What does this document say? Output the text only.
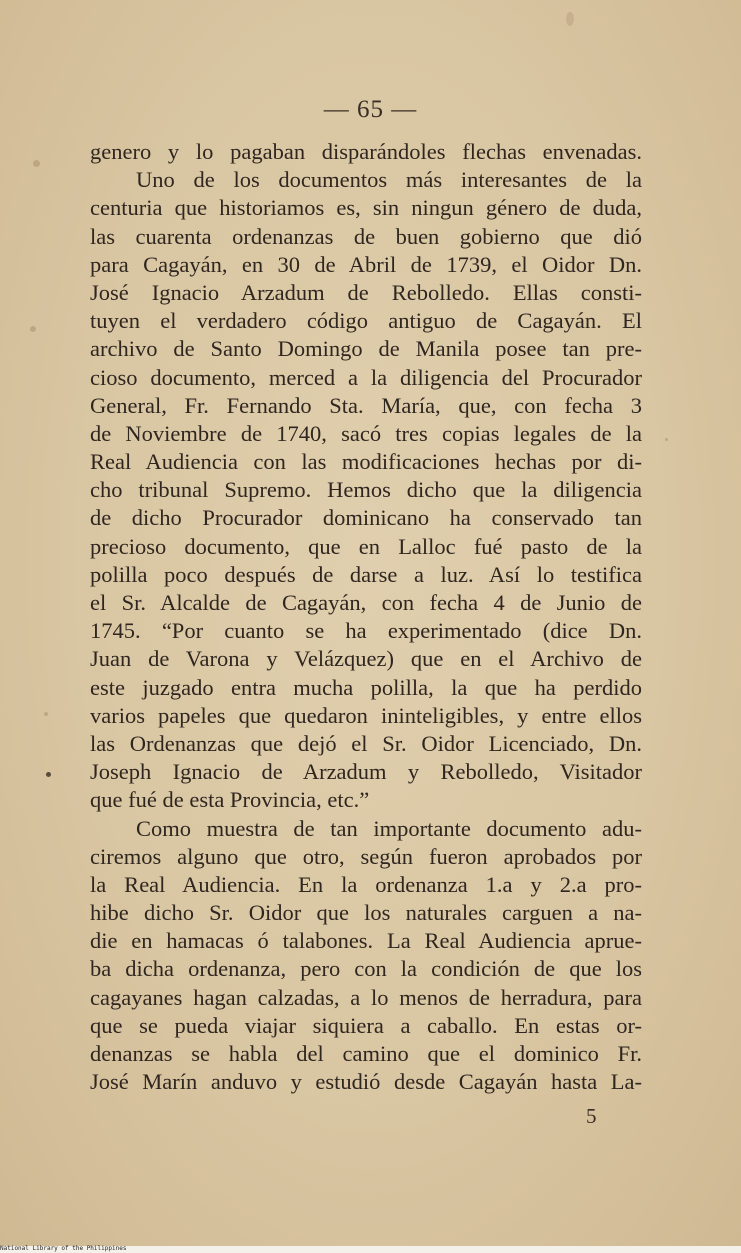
— 65 —
genero y lo pagaban disparándoles flechas envenadas.
Uno de los documentos más interesantes de la
centuria que historiamos es, sin ningun género de duda,
las cuarenta ordenanzas de buen gobierno que dió
para Cagayán, en 30 de Abril de 1739, el Oidor Dn.
José Ignacio Arzadum de Rebolledo. Ellas consti-
tuyen el verdadero código antiguo de Cagayán. El
archivo de Santo Domingo de Manila posee tan pre-
cioso documento, merced a la diligencia del Procurador
General, Fr. Fernando Sta. María, que, con fecha 3
de Noviembre de 1740, sacó tres copias legales de la
Real Audiencia con las modificaciones hechas por di-
cho tribunal Supremo. Hemos dicho que la diligencia
de dicho Procurador dominicano ha conservado tan
precioso documento, que en Lalloc fué pasto de la
polilla poco después de darse a luz. Así lo testifica
el Sr. Alcalde de Cagayán, con fecha 4 de Junio de
1745. “Por cuanto se ha experimentado (dice Dn.
Juan de Varona y Velázquez) que en el Archivo de
este juzgado entra mucha polilla, la que ha perdido
varios papeles que quedaron ininteligibles, y entre ellos
las Ordenanzas que dejó el Sr. Oidor Licenciado, Dn.
Joseph Ignacio de Arzadum y Rebolledo, Visitador
que fué de esta Provincia, etc.”
Como muestra de tan importante documento adu-
ciremos alguno que otro, según fueron aprobados por
la Real Audiencia. En la ordenanza 1.a y 2.a pro-
hibe dicho Sr. Oidor que los naturales carguen a na-
die en hamacas ó talabones. La Real Audiencia aprue-
ba dicha ordenanza, pero con la condición de que los
cagayanes hagan calzadas, a lo menos de herradura, para
que se pueda viajar siquiera a caballo. En estas or-
denanzas se habla del camino que el dominico Fr.
José Marín anduvo y estudió desde Cagayán hasta La-
5
National Library of the Philippines
